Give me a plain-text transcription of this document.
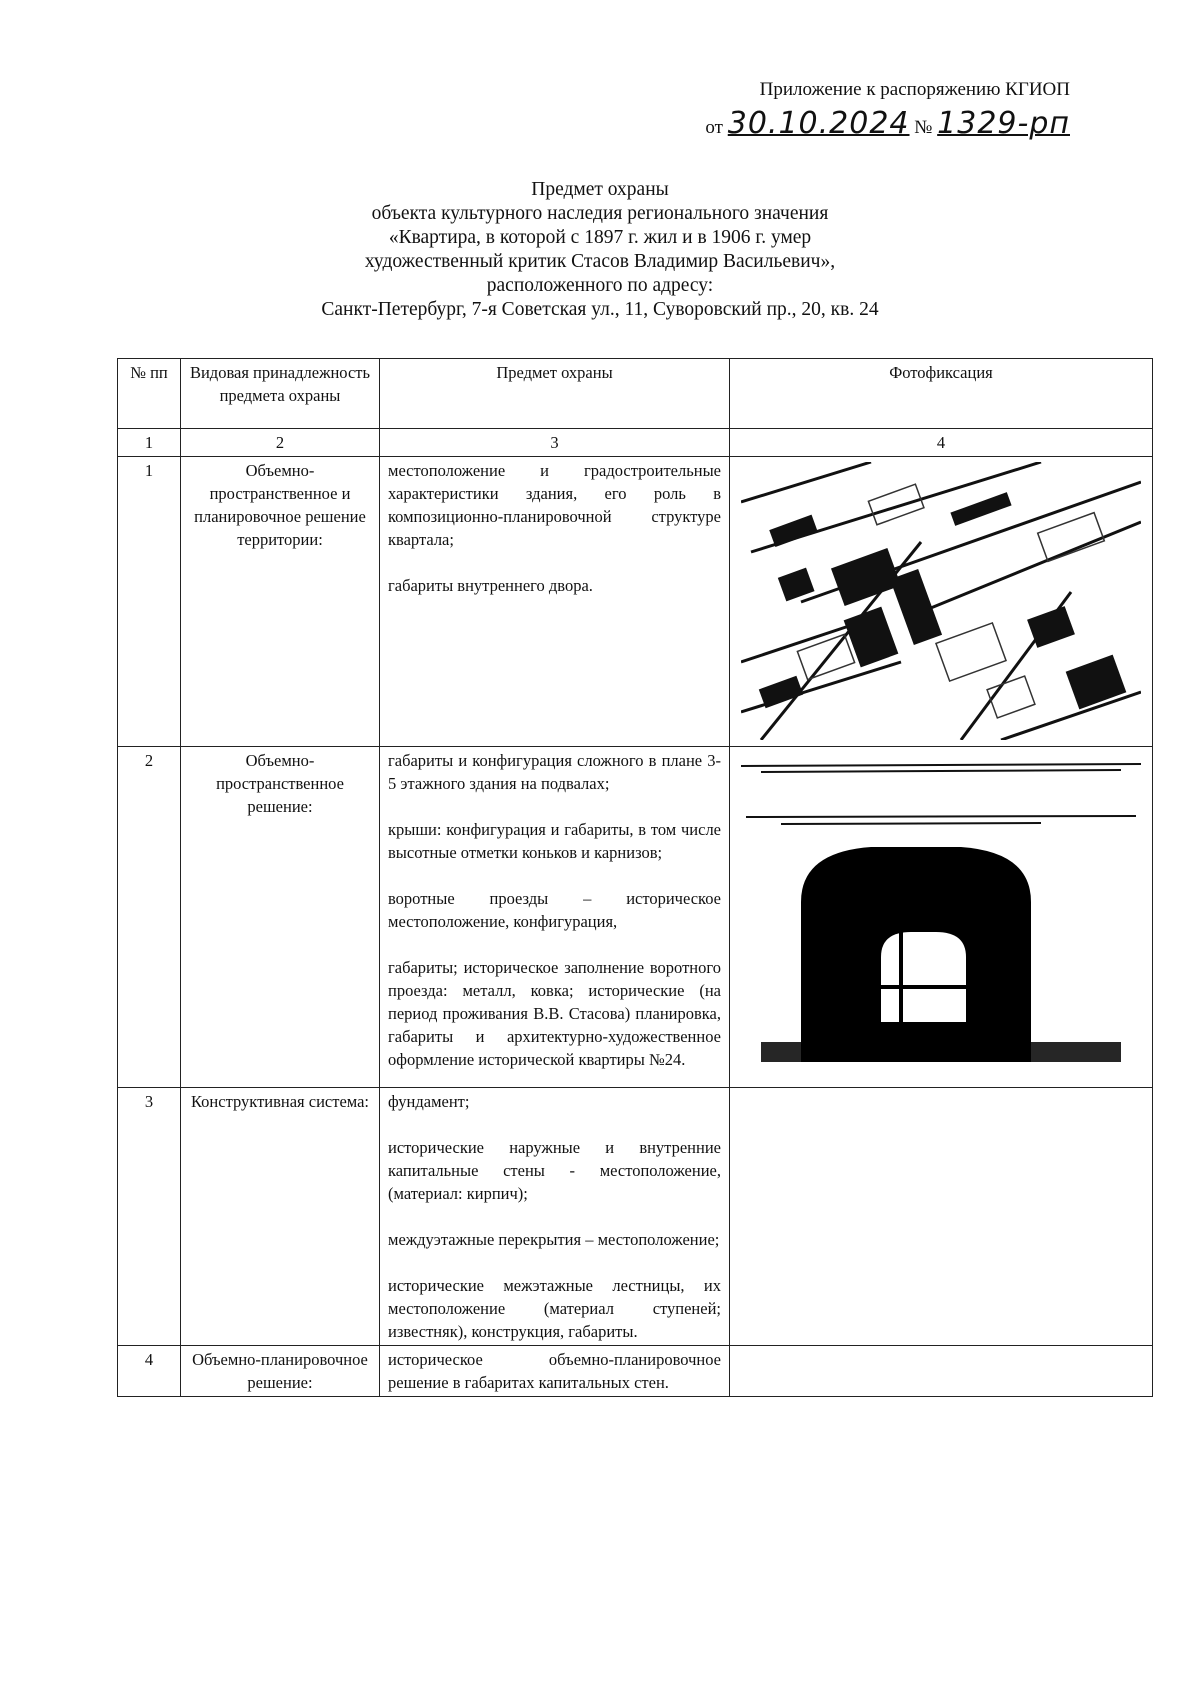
Приложение к распоряжению КГИОП
от 30.10.2024 № 1329-рп
Предмет охраны
объекта культурного наследия регионального значения
«Квартира, в которой с 1897 г. жил и в 1906 г. умер
художественный критик Стасов Владимир Васильевич»,
расположенного по адресу:
Санкт-Петербург, 7-я Советская ул., 11, Суворовский пр., 20, кв. 24
№ пп	Видовая принадлежность предмета охраны	Предмет охраны	Фотофиксация
1	2	3	4
1	Объемно-пространственное и планировочное решение территории:	местоположение и градостроительные характеристики здания, его роль в композиционно-планировочной структуре квартала;
габариты внутреннего двора.

2	Объемно-пространственное решение:	габариты и конфигурация сложного в плане 3-5 этажного здания на подвалах;
крыши: конфигурация и габариты, в том числе высотные отметки коньков и карнизов;
воротные проезды – историческое местоположение, конфигурация,
габариты; историческое заполнение воротного проезда: металл, ковка; исторические (на период проживания В.В. Стасова) планировка, габариты и архитектурно-художественное оформление исторической квартиры №24.

3	Конструктивная система:	фундамент;
исторические наружные и внутренние капитальные стены - местоположение, (материал: кирпич);
междуэтажные перекрытия – местоположение;
исторические межэтажные лестницы, их местоположение (материал ступеней; известняк), конструкция, габариты.	

4	Объемно-планировочное решение:	историческое объемно-планировочное решение в габаритах капитальных стен.	
